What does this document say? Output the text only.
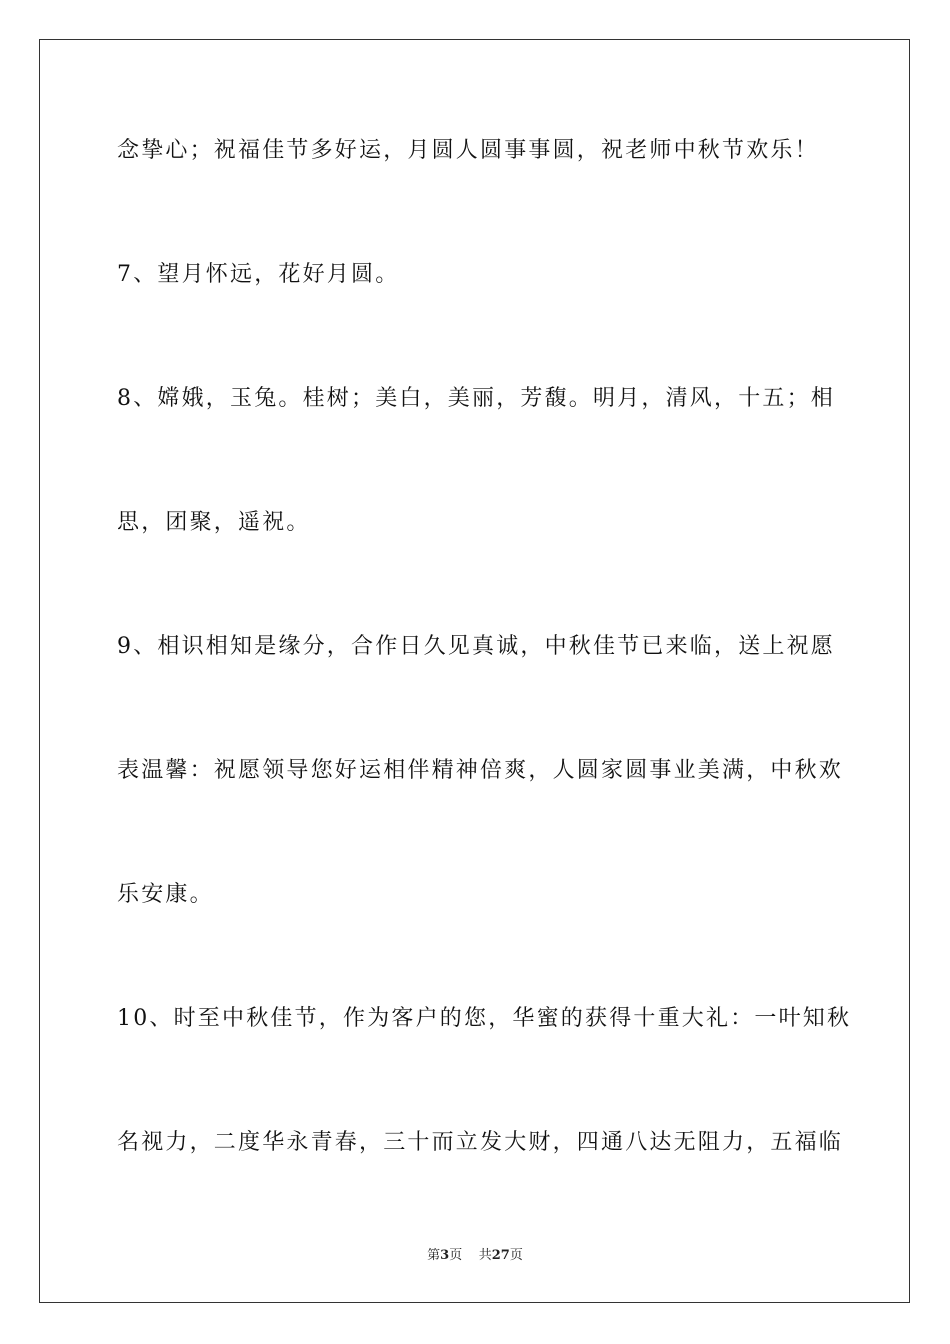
念挚心；祝福佳节多好运，月圆人圆事事圆，祝老师中秋节欢乐！
7、望月怀远，花好月圆。
8、嫦娥，玉兔。桂树；美白，美丽，芳馥。明月，清风，十五；相
思，团聚，遥祝。
9、相识相知是缘分，合作日久见真诚，中秋佳节已来临，送上祝愿
表温馨：祝愿领导您好运相伴精神倍爽，人圆家圆事业美满，中秋欢
乐安康。
10、时至中秋佳节，作为客户的您，华蜜的获得十重大礼：一叶知秋
名视力，二度华永青春，三十而立发大财，四通八达无阻力，五福临
第3页 共27页
